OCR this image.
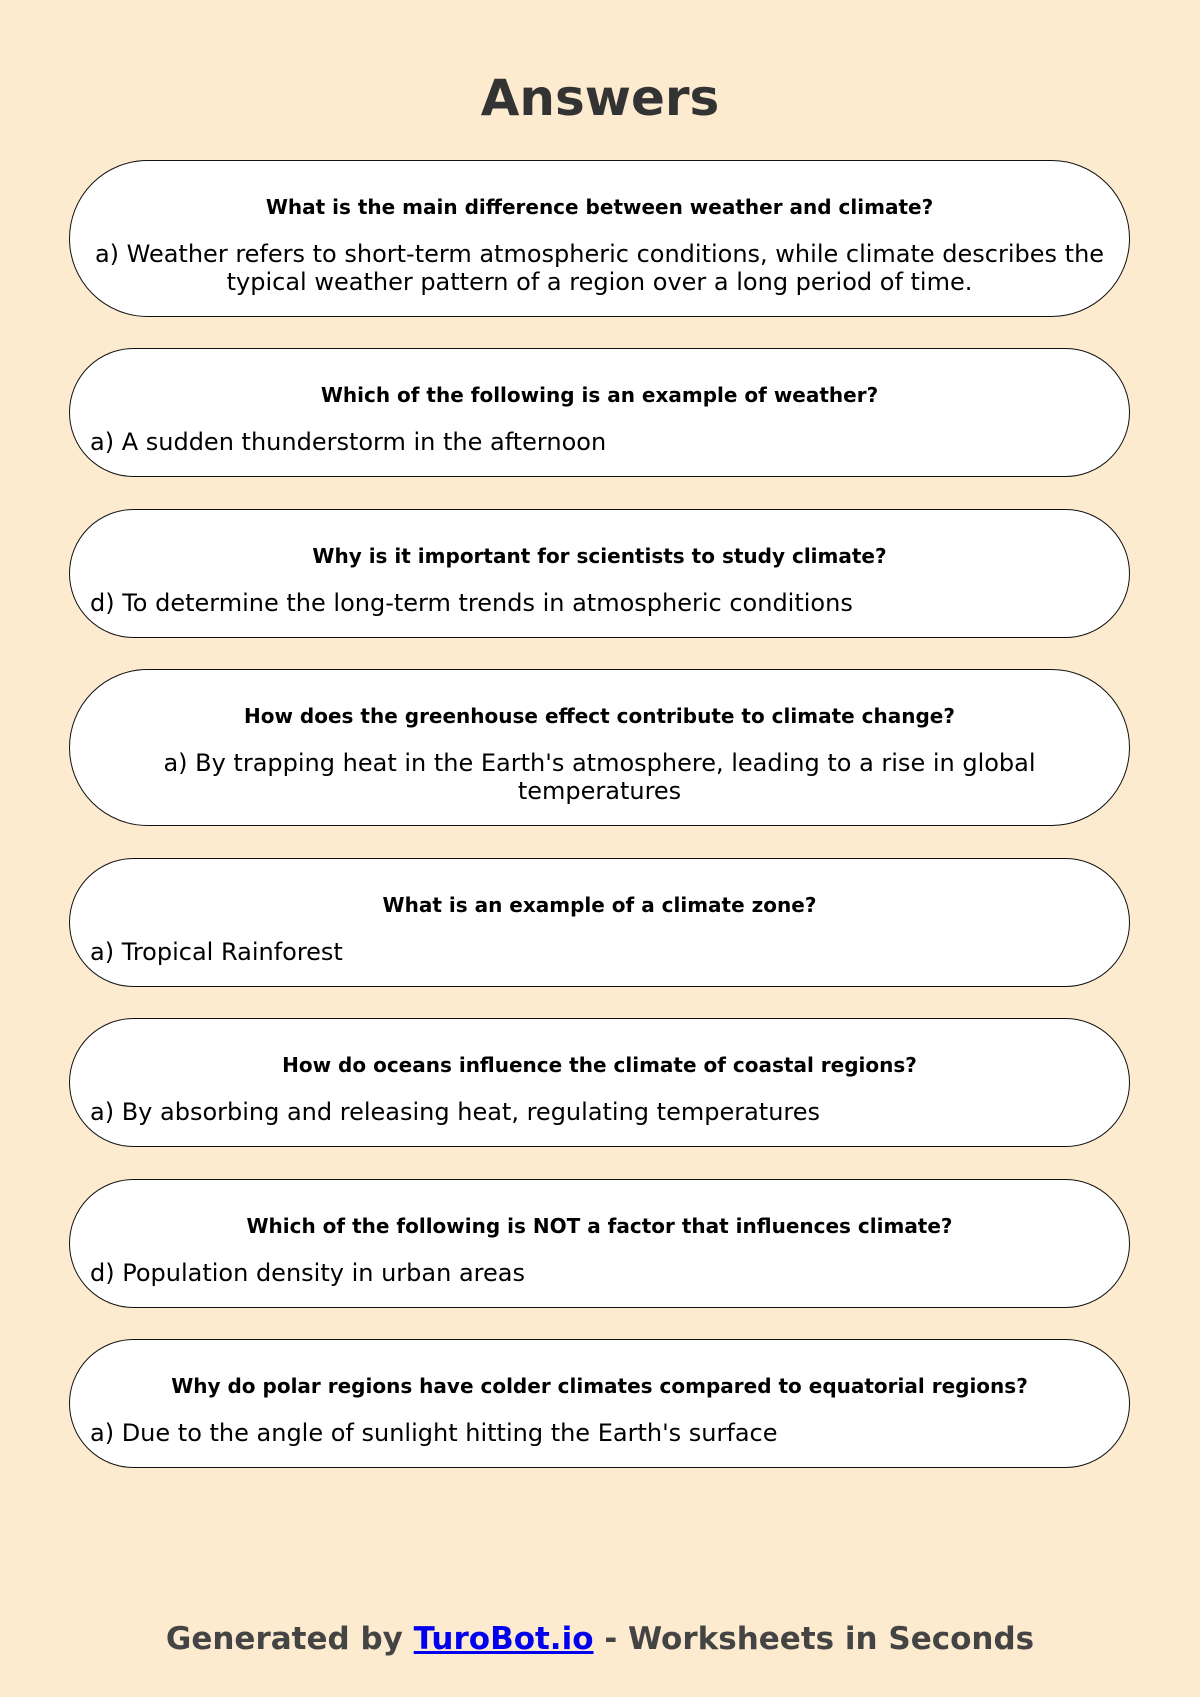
Answers
What is the main difference between weather and climate?
a) Weather refers to short-term atmospheric conditions, while climate describes the typical weather pattern of a region over a long period of time.
Which of the following is an example of weather?
a) A sudden thunderstorm in the afternoon
Why is it important for scientists to study climate?
d) To determine the long-term trends in atmospheric conditions
How does the greenhouse effect contribute to climate change?
a) By trapping heat in the Earth's atmosphere, leading to a rise in global temperatures
What is an example of a climate zone?
a) Tropical Rainforest
How do oceans influence the climate of coastal regions?
a) By absorbing and releasing heat, regulating temperatures
Which of the following is NOT a factor that influences climate?
d) Population density in urban areas
Why do polar regions have colder climates compared to equatorial regions?
a) Due to the angle of sunlight hitting the Earth's surface
Generated by TuroBot.io - Worksheets in Seconds
